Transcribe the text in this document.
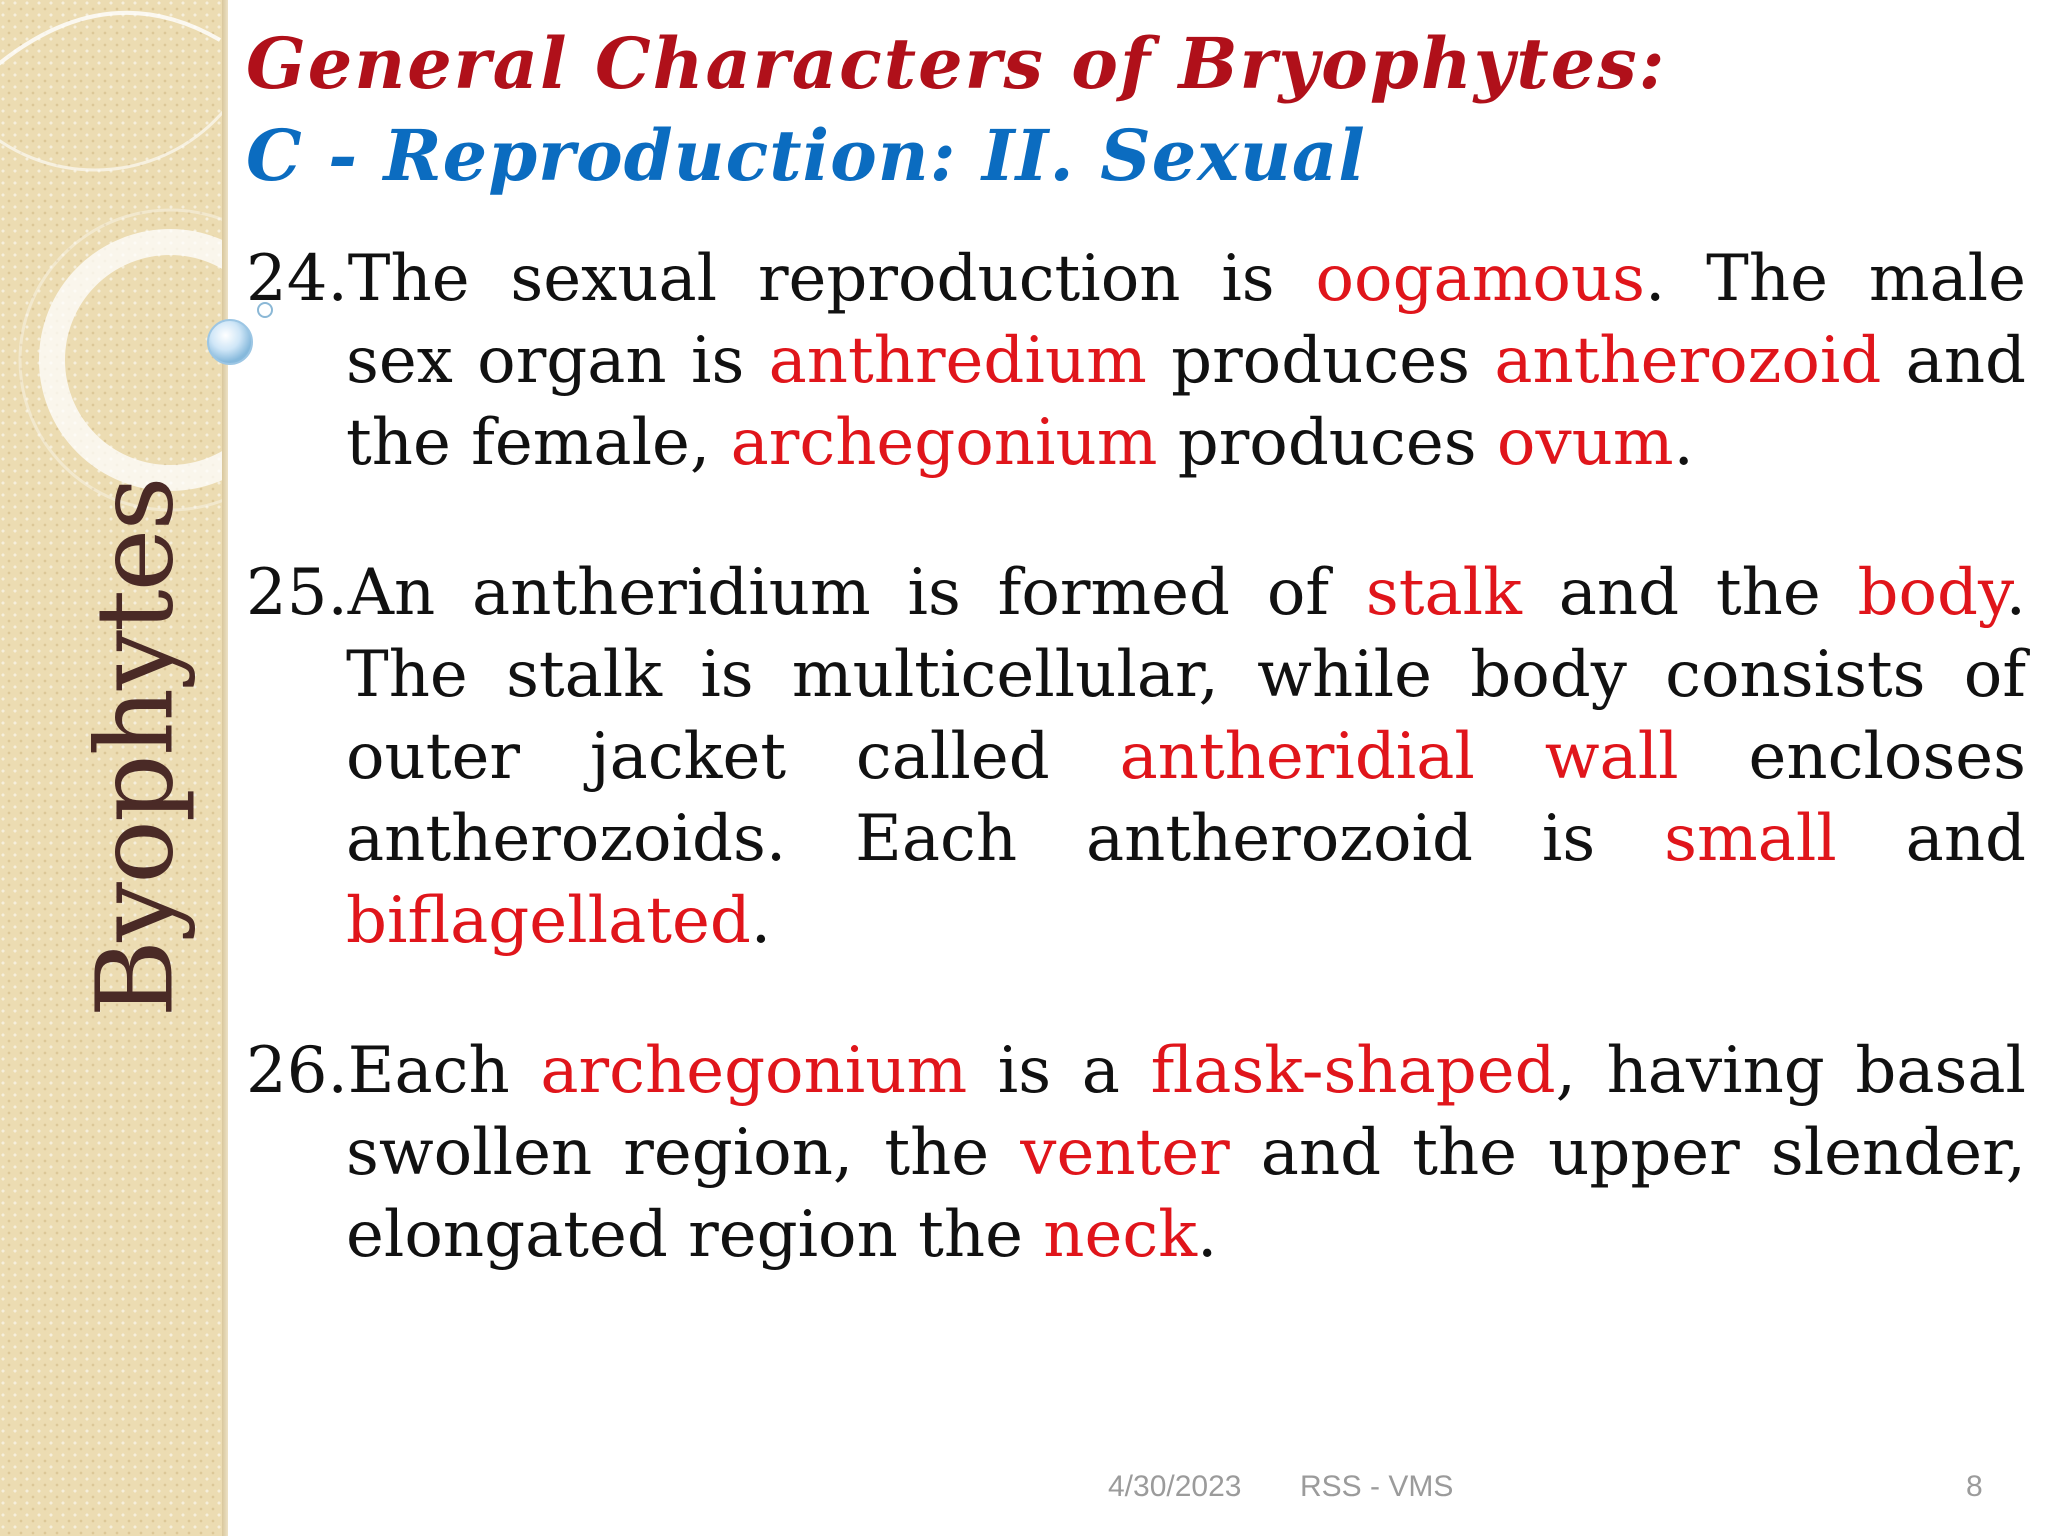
Byophytes
General Characters of Bryophytes:
C - Reproduction: II. Sexual

24.The sexual reproduction is oogamous. The male sex organ is anthredium produces antherozoid and the female, archegonium produces ovum.

25.An antheridium is formed of stalk and the body. The stalk is multicellular, while body consists of outer jacket called antheridial wall encloses antherozoids. Each antherozoid is small and biflagellated.

26.Each archegonium is a flask-shaped, having basal swollen region, the venter and the upper slender, elongated region the neck.

4/30/2023 RSS - VMS	8
